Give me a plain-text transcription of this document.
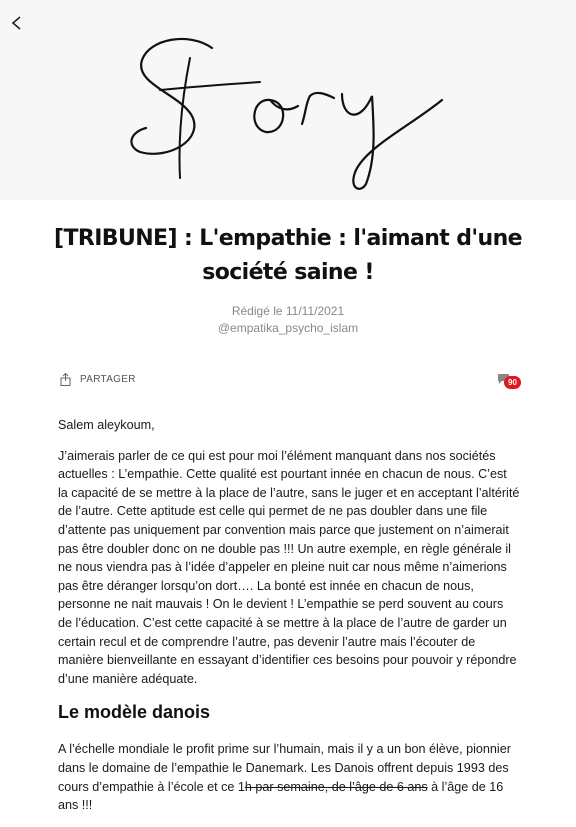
[TRIBUNE] : L'empathie : l'aimant d'une société saine !
Rédigé le 11/11/2021
@empatika_psycho_islam
PARTAGER	90

Salem aleykoum,

J’aimerais parler de ce qui est pour moi l’élément manquant dans nos sociétés actuelles : L’empathie. Cette qualité est pourtant innée en chacun de nous. C’est la capacité de se mettre à la place de l’autre, sans le juger et en acceptant l’altérité de l’autre. Cette aptitude est celle qui permet de ne pas doubler dans une file d’attente pas uniquement par convention mais parce que justement on n’aimerait pas être doubler donc on ne double pas !!! Un autre exemple, en règle générale il ne nous viendra pas à l’idée d’appeler en pleine nuit car nous même n’aimerions pas être déranger lorsqu’on dort…. La bonté est innée en chacun de nous, personne ne nait mauvais ! On le devient ! L’empathie se perd souvent au cours de l’éducation. C’est cette capacité à se mettre à la place de l’autre de garder un certain recul et de comprendre l’autre, pas devenir l’autre mais l’écouter de manière bienveillante en essayant d’identifier ces besoins pour pouvoir y répondre d’une manière adéquate.

Le modèle danois

A l’échelle mondiale le profit prime sur l’humain, mais il y a un bon élève, pionnier dans le domaine de l’empathie le Danemark. Les Danois offrent depuis 1993 des cours d’empathie à l’école et ce 1h par semaine, de l’âge de 6 ans à l’âge de 16 ans !!!
